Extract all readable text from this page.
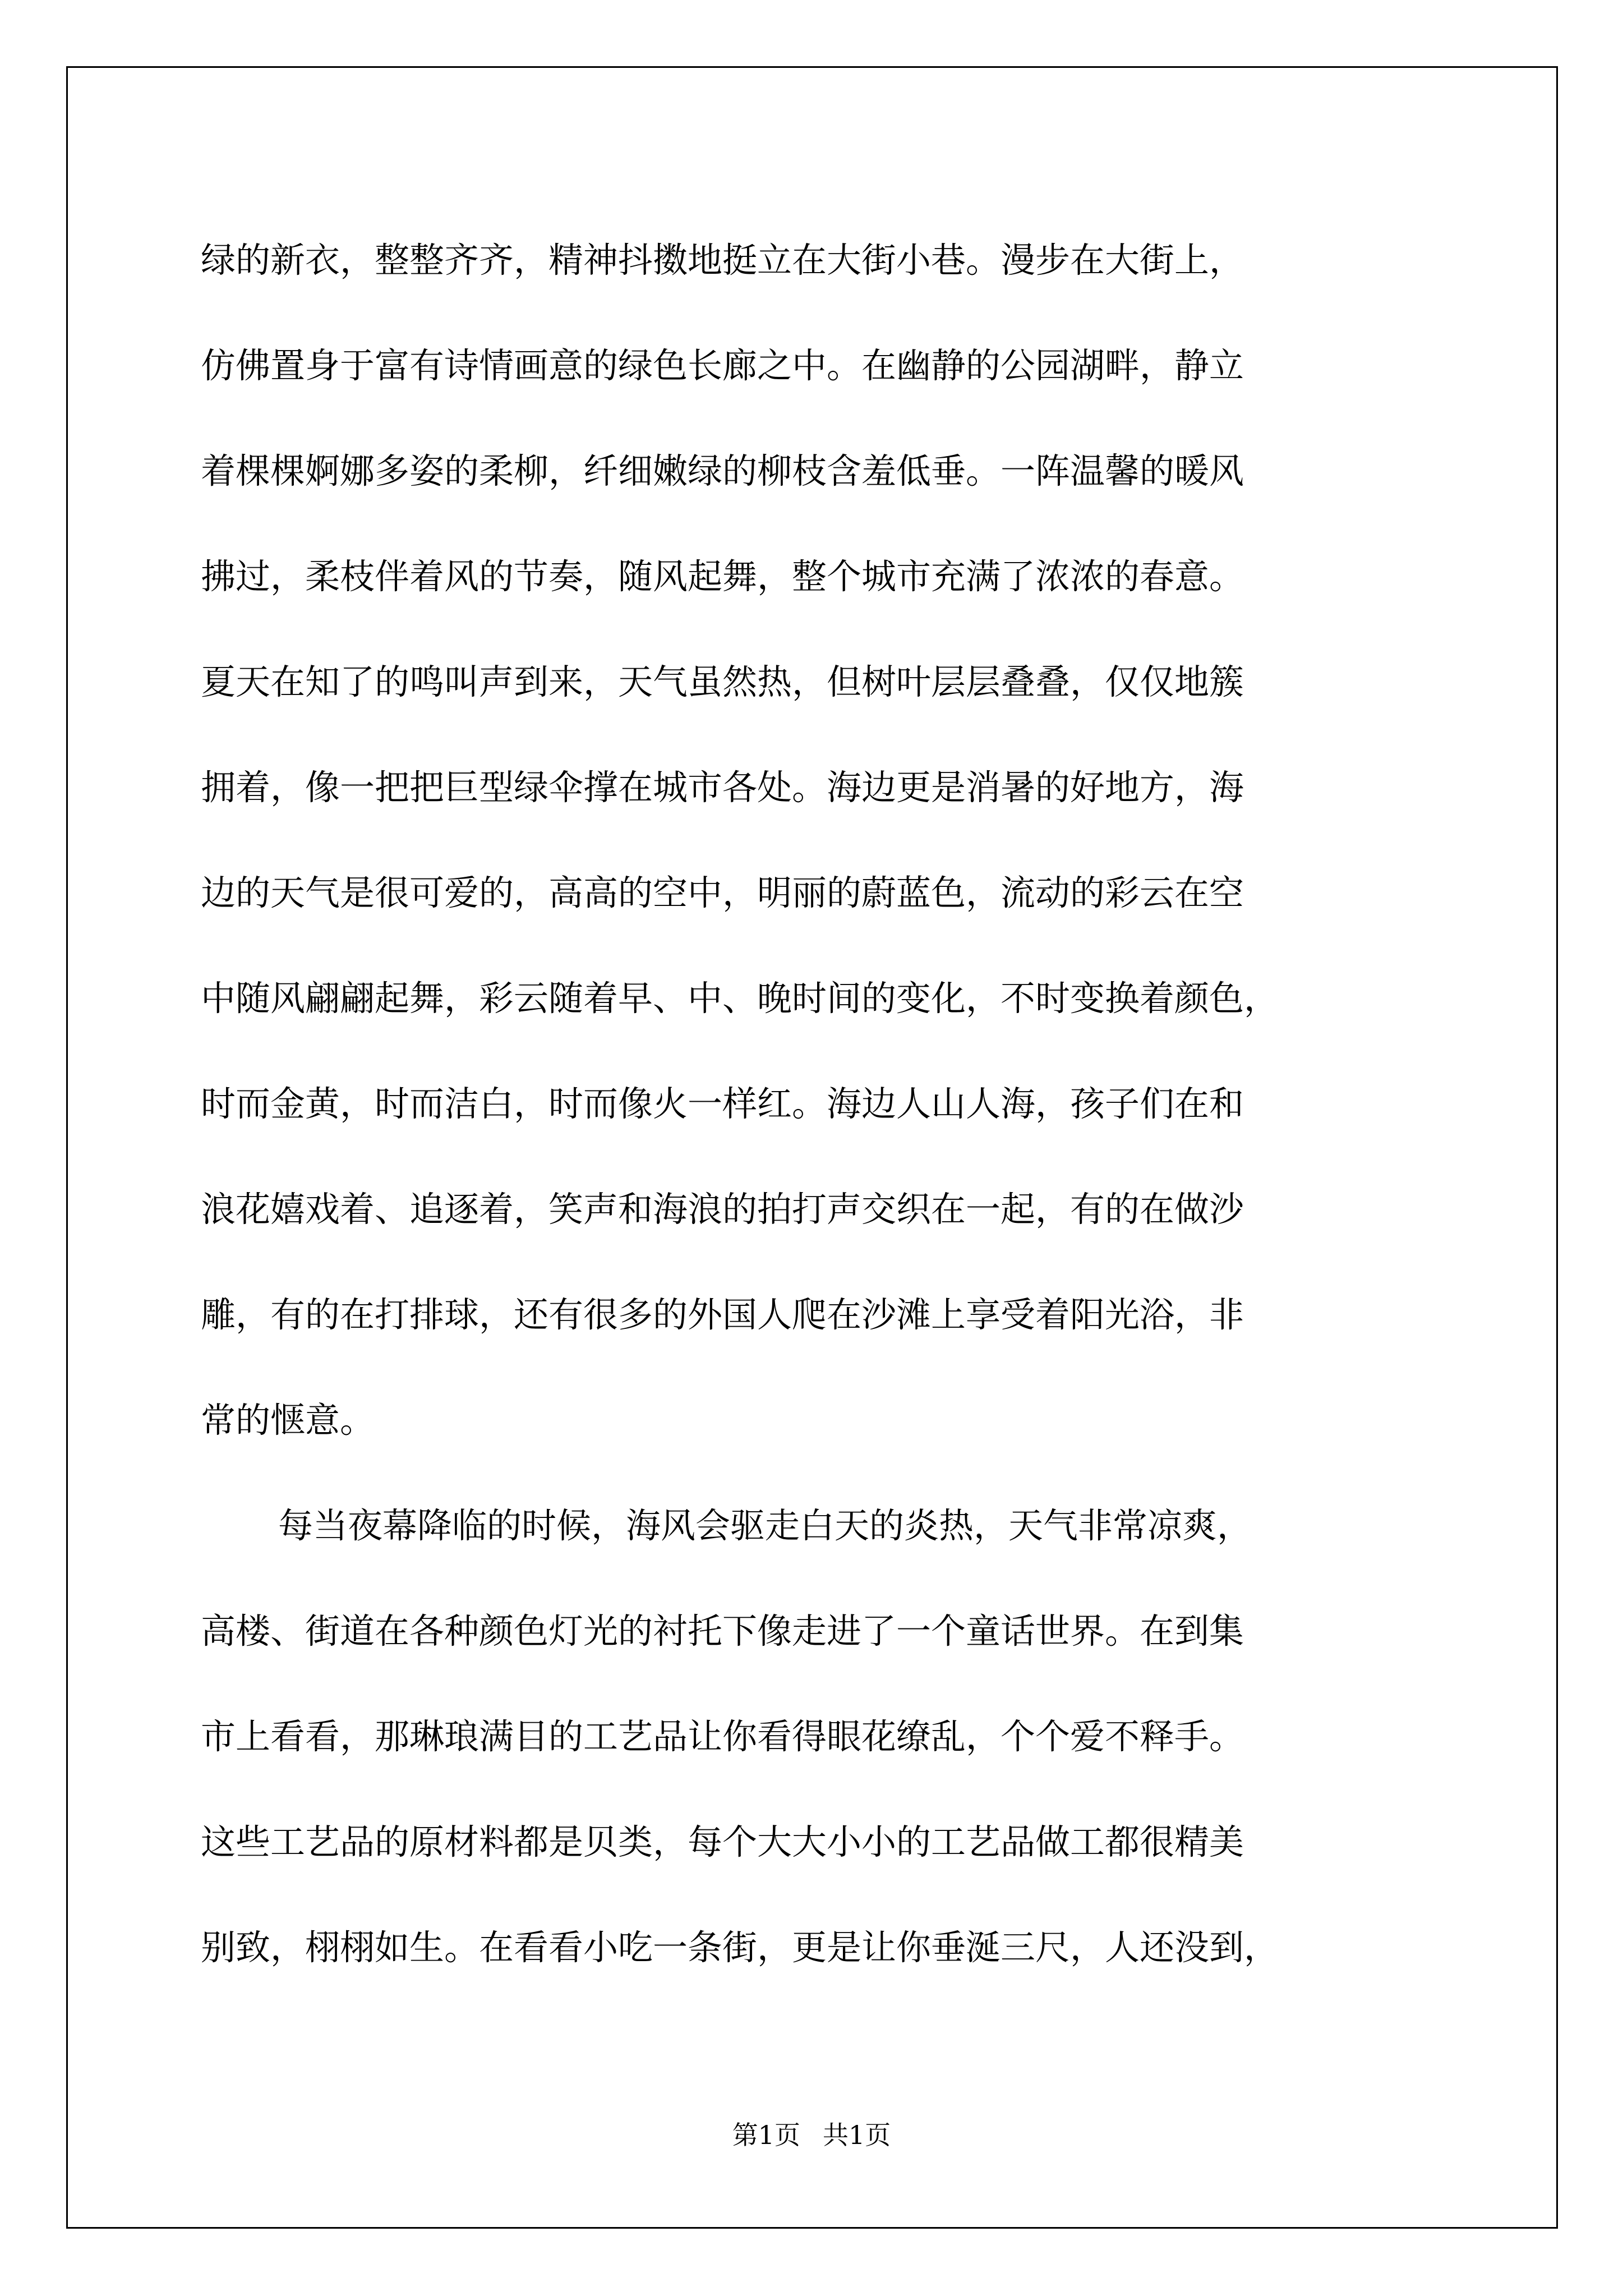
绿的新衣，整整齐齐，精神抖擞地挺立在大街小巷。漫步在大街上，
仿佛置身于富有诗情画意的绿色长廊之中。在幽静的公园湖畔，静立
着棵棵婀娜多姿的柔柳，纤细嫩绿的柳枝含羞低垂。一阵温馨的暖风
拂过，柔枝伴着风的节奏，随风起舞，整个城市充满了浓浓的春意。
夏天在知了的鸣叫声到来，天气虽然热，但树叶层层叠叠，仅仅地簇
拥着，像一把把巨型绿伞撑在城市各处。海边更是消暑的好地方，海
边的天气是很可爱的，高高的空中，明丽的蔚蓝色，流动的彩云在空
中随风翩翩起舞，彩云随着早、中、晚时间的变化，不时变换着颜色，
时而金黄，时而洁白，时而像火一样红。海边人山人海，孩子们在和
浪花嬉戏着、追逐着，笑声和海浪的拍打声交织在一起，有的在做沙
雕，有的在打排球，还有很多的外国人爬在沙滩上享受着阳光浴，非
常的惬意。
每当夜幕降临的时候，海风会驱走白天的炎热，天气非常凉爽，
高楼、街道在各种颜色灯光的衬托下像走进了一个童话世界。在到集
市上看看，那琳琅满目的工艺品让你看得眼花缭乱，个个爱不释手。
这些工艺品的原材料都是贝类，每个大大小小的工艺品做工都很精美
别致，栩栩如生。在看看小吃一条街，更是让你垂涎三尺，人还没到，
第1页 共1页
